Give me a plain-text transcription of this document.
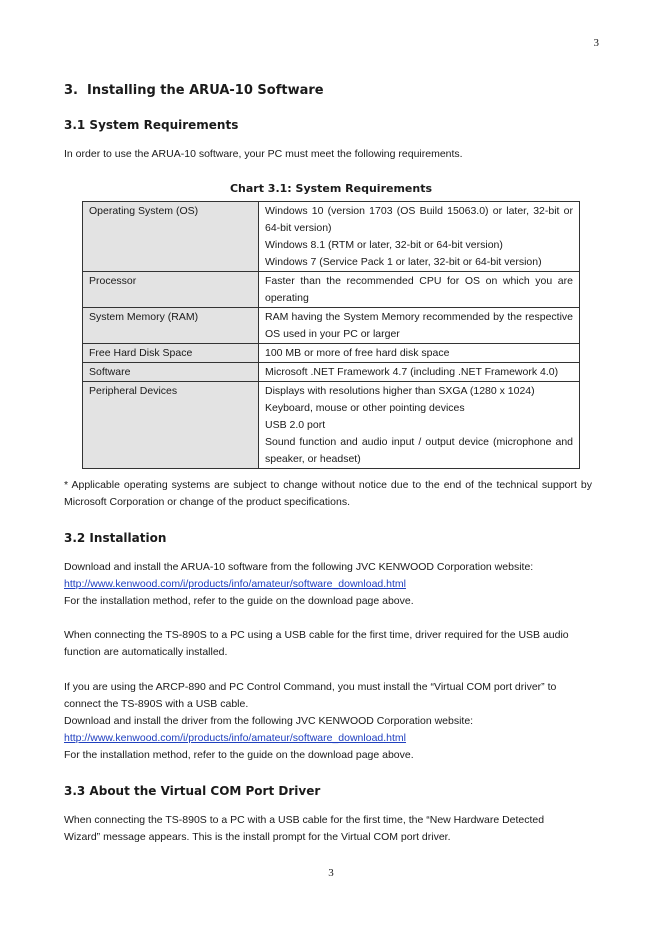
3
3.  Installing the ARUA-10 Software
3.1 System Requirements
In order to use the ARUA-10 software, your PC must meet the following requirements.
Chart 3.1: System Requirements
Operating System (OS)	Windows 10 (version 1703 (OS Build 15063.0) or later, 32-bit or 64-bit version)
Windows 8.1 (RTM or later, 32-bit or 64-bit version)
Windows 7 (Service Pack 1 or later, 32-bit or 64-bit version)

Processor	Faster than the recommended CPU for OS on which you are operating

System Memory (RAM)	RAM having the System Memory recommended by the respective OS used in your PC or larger

Free Hard Disk Space	100 MB or more of free hard disk space

Software	Microsoft .NET Framework 4.7 (including .NET Framework 4.0)

Peripheral Devices	Displays with resolutions higher than SXGA (1280 x 1024)
Keyboard, mouse or other pointing devices
USB 2.0 port
Sound function and audio input / output device (microphone and speaker, or headset)
* Applicable operating systems are subject to change without notice due to the end of the technical support by Microsoft Corporation or change of the product specifications.
3.2 Installation
Download and install the ARUA-10 software from the following JVC KENWOOD Corporation website:
http://www.kenwood.com/i/products/info/amateur/software_download.html
For the installation method, refer to the guide on the download page above.
When connecting the TS-890S to a PC using a USB cable for the first time, driver required for the USB audio function are automatically installed.
If you are using the ARCP-890 and PC Control Command, you must install the “Virtual COM port driver” to connect the TS-890S with a USB cable.
Download and install the driver from the following JVC KENWOOD Corporation website:
http://www.kenwood.com/i/products/info/amateur/software_download.html
For the installation method, refer to the guide on the download page above.
3.3 About the Virtual COM Port Driver
When connecting the TS-890S to a PC with a USB cable for the first time, the “New Hardware Detected Wizard” message appears. This is the install prompt for the Virtual COM port driver.
3
